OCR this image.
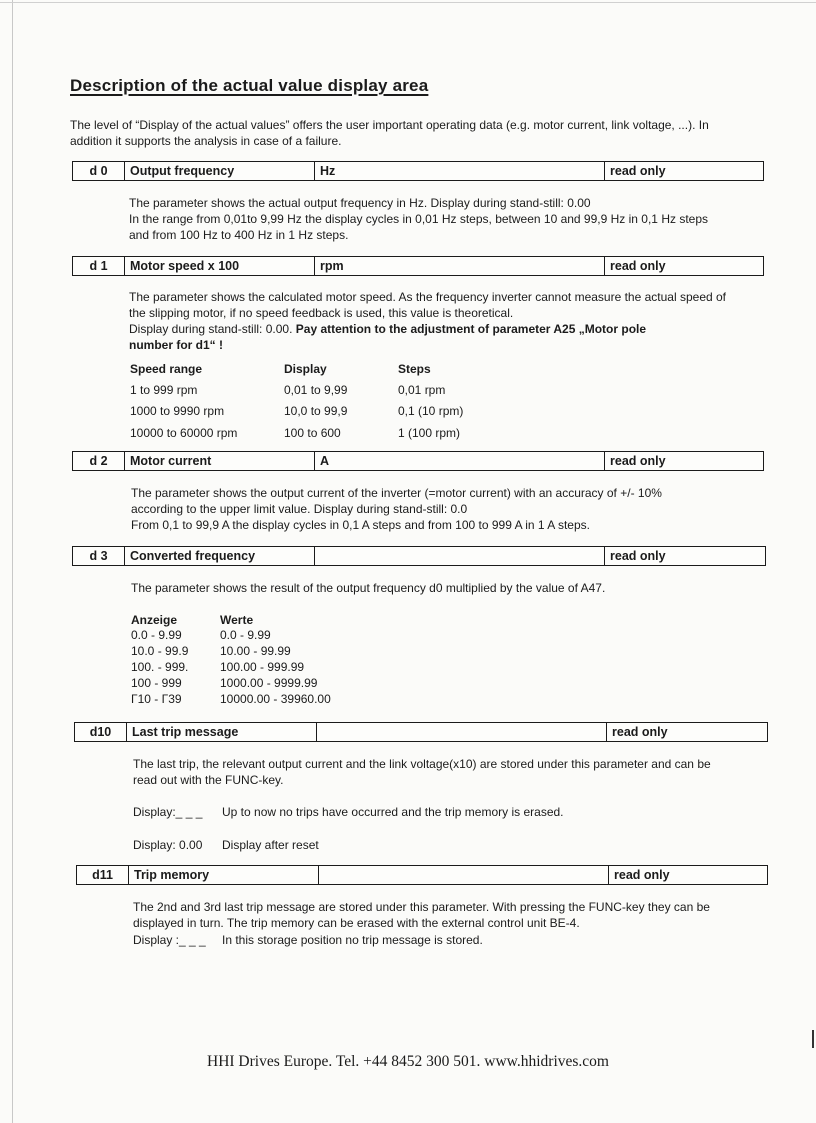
Description of the actual value display area
The level of “Display of the actual values” offers the user important operating data (e.g. motor current, link voltage, ...). In
addition it supports the analysis in case of a failure.
d 0	Output frequency	Hz	read only
The parameter shows the actual output frequency in Hz. Display during stand-still: 0.00
In the range from 0,01to 9,99 Hz the display cycles in 0,01 Hz steps, between 10 and 99,9 Hz in 0,1 Hz steps
and from 100 Hz to 400 Hz in 1 Hz steps.
d 1	Motor speed x 100	rpm	read only
The parameter shows the calculated motor speed. As the frequency inverter cannot measure the actual speed of
the slipping motor, if no speed feedback is used, this value is theoretical.
Display during stand-still: 0.00. Pay attention to the adjustment of parameter A25 „Motor pole
number for d1“ !
Speed range	Display	Steps
1 to 999 rpm	0,01 to 9,99	0,01 rpm
1000 to 9990 rpm	10,0 to 99,9	0,1 (10 rpm)
10000 to 60000 rpm	100 to 600	1 (100 rpm)
d 2	Motor current	A	read only
The parameter shows the output current of the inverter (=motor current) with an accuracy of +/- 10%
according to the upper limit value. Display during stand-still: 0.0
From 0,1 to 99,9 A the display cycles in 0,1 A steps and from 100 to 999 A in 1 A steps.
d 3	Converted frequency	read only
The parameter shows the result of the output frequency d0 multiplied by the value of A47.
Anzeige	Werte
0.0 - 9.99	0.0 - 9.99
10.0 - 99.9	10.00 - 99.99
100. - 999.	100.00 - 999.99
100 - 999	1000.00 - 9999.99
Γ10 - Γ39	10000.00 - 39960.00
d10	Last trip message	read only
The last trip, the relevant output current and the link voltage(x10) are stored under this parameter and can be
read out with the FUNC-key.
Display:_ _ _ Up to now no trips have occurred and the trip memory is erased.
Display: 0.00 Display after reset
d11	Trip memory	read only
The 2nd and 3rd last trip message are stored under this parameter. With pressing the FUNC-key they can be
displayed in turn. The trip memory can be erased with the external control unit BE-4.
Display :_ _ _ In this storage position no trip message is stored.
HHI Drives Europe. Tel. +44 8452 300 501. www.hhidrives.com
